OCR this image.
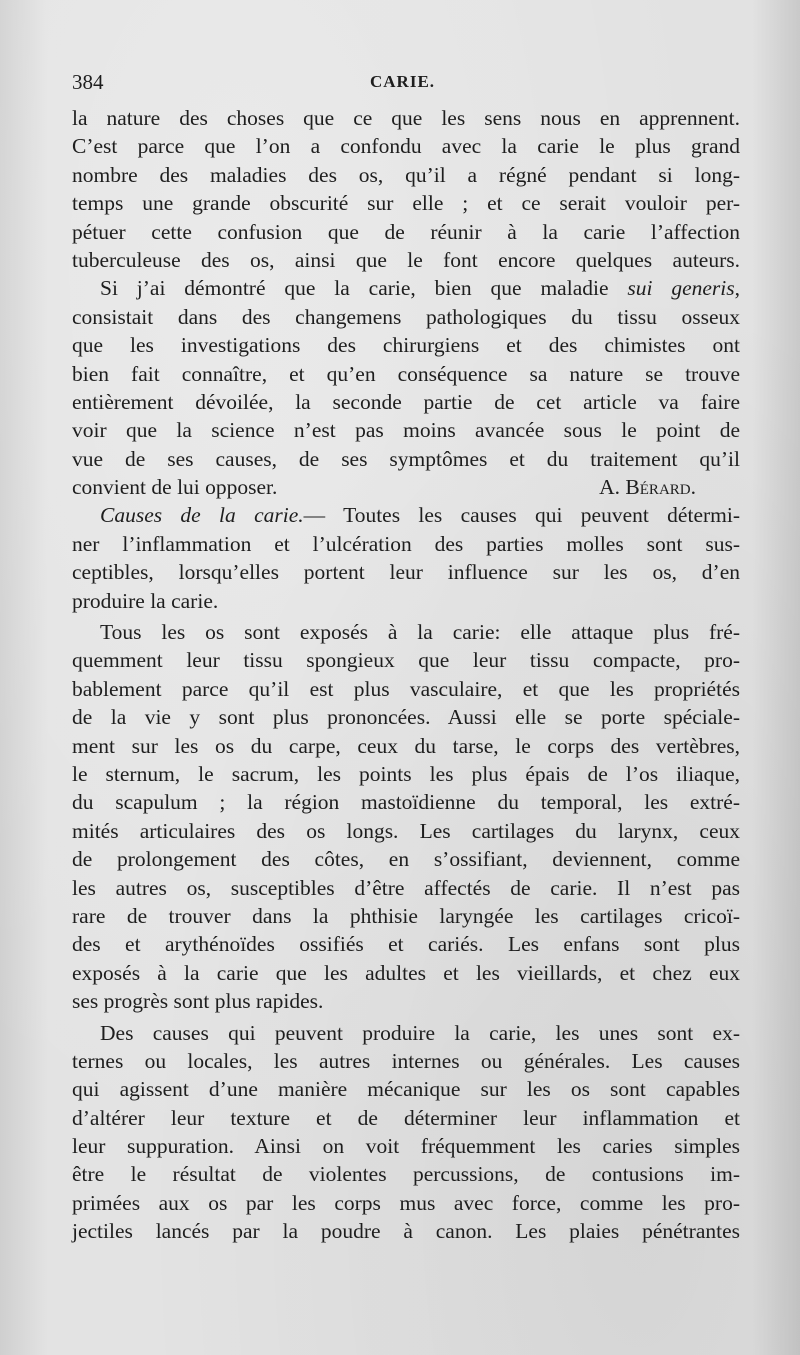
384	CARIE.
la nature des choses que ce que les sens nous en apprennent.
C’est parce que l’on a confondu avec la carie le plus grand
nombre des maladies des os, qu’il a régné pendant si long-
temps une grande obscurité sur elle ; et ce serait vouloir per-
pétuer cette confusion que de réunir à la carie l’affection
tuberculeuse des os, ainsi que le font encore quelques auteurs.
Si j’ai démontré que la carie, bien que maladie sui generis,
consistait dans des changemens pathologiques du tissu osseux
que les investigations des chirurgiens et des chimistes ont
bien fait connaître, et qu’en conséquence sa nature se trouve
entièrement dévoilée, la seconde partie de cet article va faire
voir que la science n’est pas moins avancée sous le point de
vue de ses causes, de ses symptômes et du traitement qu’il
convient de lui opposer.	A. Bérard.
Causes de la carie.— Toutes les causes qui peuvent détermi-
ner l’inflammation et l’ulcération des parties molles sont sus-
ceptibles, lorsqu’elles portent leur influence sur les os, d’en
produire la carie.
Tous les os sont exposés à la carie: elle attaque plus fré-
quemment leur tissu spongieux que leur tissu compacte, pro-
bablement parce qu’il est plus vasculaire, et que les propriétés
de la vie y sont plus prononcées. Aussi elle se porte spéciale-
ment sur les os du carpe, ceux du tarse, le corps des vertèbres,
le sternum, le sacrum, les points les plus épais de l’os iliaque,
du scapulum ; la région mastoïdienne du temporal, les extré-
mités articulaires des os longs. Les cartilages du larynx, ceux
de prolongement des côtes, en s’ossifiant, deviennent, comme
les autres os, susceptibles d’être affectés de carie. Il n’est pas
rare de trouver dans la phthisie laryngée les cartilages cricoï-
des et arythénoïdes ossifiés et cariés. Les enfans sont plus
exposés à la carie que les adultes et les vieillards, et chez eux
ses progrès sont plus rapides.
Des causes qui peuvent produire la carie, les unes sont ex-
ternes ou locales, les autres internes ou générales. Les causes
qui agissent d’une manière mécanique sur les os sont capables
d’altérer leur texture et de déterminer leur inflammation et
leur suppuration. Ainsi on voit fréquemment les caries simples
être le résultat de violentes percussions, de contusions im-
primées aux os par les corps mus avec force, comme les pro-
jectiles lancés par la poudre à canon. Les plaies pénétrantes
